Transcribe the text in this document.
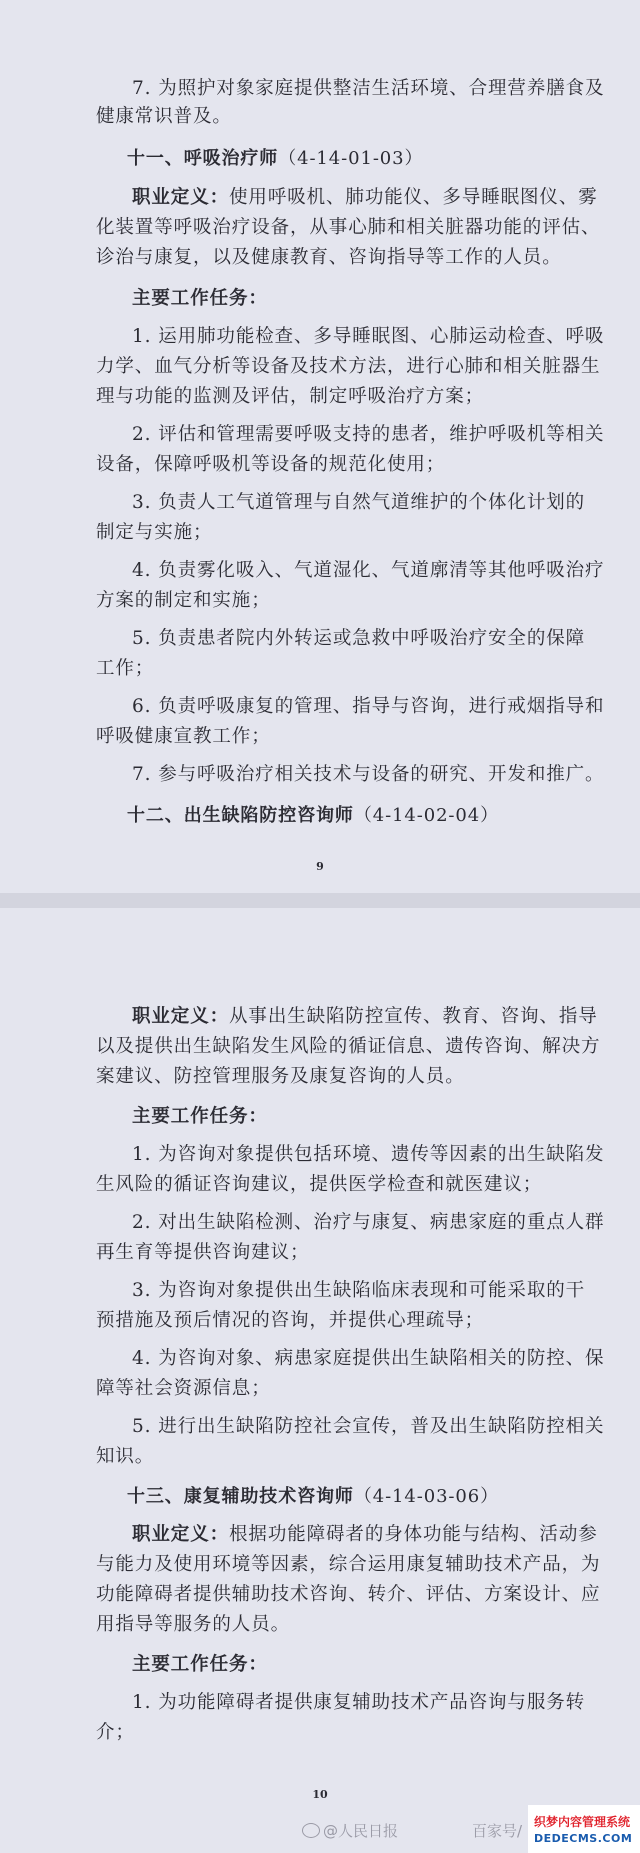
7. 为照护对象家庭提供整洁生活环境、合理营养膳食及
健康常识普及。
十一、呼吸治疗师（4-14-01-03）
职业定义：使用呼吸机、肺功能仪、多导睡眠图仪、雾
化装置等呼吸治疗设备，从事心肺和相关脏器功能的评估、
诊治与康复，以及健康教育、咨询指导等工作的人员。
主要工作任务：
1. 运用肺功能检查、多导睡眠图、心肺运动检查、呼吸
力学、血气分析等设备及技术方法，进行心肺和相关脏器生
理与功能的监测及评估，制定呼吸治疗方案；
2. 评估和管理需要呼吸支持的患者，维护呼吸机等相关
设备，保障呼吸机等设备的规范化使用；
3. 负责人工气道管理与自然气道维护的个体化计划的
制定与实施；
4. 负责雾化吸入、气道湿化、气道廓清等其他呼吸治疗
方案的制定和实施；
5. 负责患者院内外转运或急救中呼吸治疗安全的保障
工作；
6. 负责呼吸康复的管理、指导与咨询，进行戒烟指导和
呼吸健康宣教工作；
7. 参与呼吸治疗相关技术与设备的研究、开发和推广。
十二、出生缺陷防控咨询师（4-14-02-04）
9
职业定义：从事出生缺陷防控宣传、教育、咨询、指导
以及提供出生缺陷发生风险的循证信息、遗传咨询、解决方
案建议、防控管理服务及康复咨询的人员。
主要工作任务：
1. 为咨询对象提供包括环境、遗传等因素的出生缺陷发
生风险的循证咨询建议，提供医学检查和就医建议；
2. 对出生缺陷检测、治疗与康复、病患家庭的重点人群
再生育等提供咨询建议；
3. 为咨询对象提供出生缺陷临床表现和可能采取的干
预措施及预后情况的咨询，并提供心理疏导；
4. 为咨询对象、病患家庭提供出生缺陷相关的防控、保
障等社会资源信息；
5. 进行出生缺陷防控社会宣传，普及出生缺陷防控相关
知识。
十三、康复辅助技术咨询师（4-14-03-06）
职业定义：根据功能障碍者的身体功能与结构、活动参
与能力及使用环境等因素，综合运用康复辅助技术产品，为
功能障碍者提供辅助技术咨询、转介、评估、方案设计、应
用指导等服务的人员。
主要工作任务：
1. 为功能障碍者提供康复辅助技术产品咨询与服务转
介；
10
@人民日报	百家号/ 织梦内容管理系统
DEDECMS.COM
